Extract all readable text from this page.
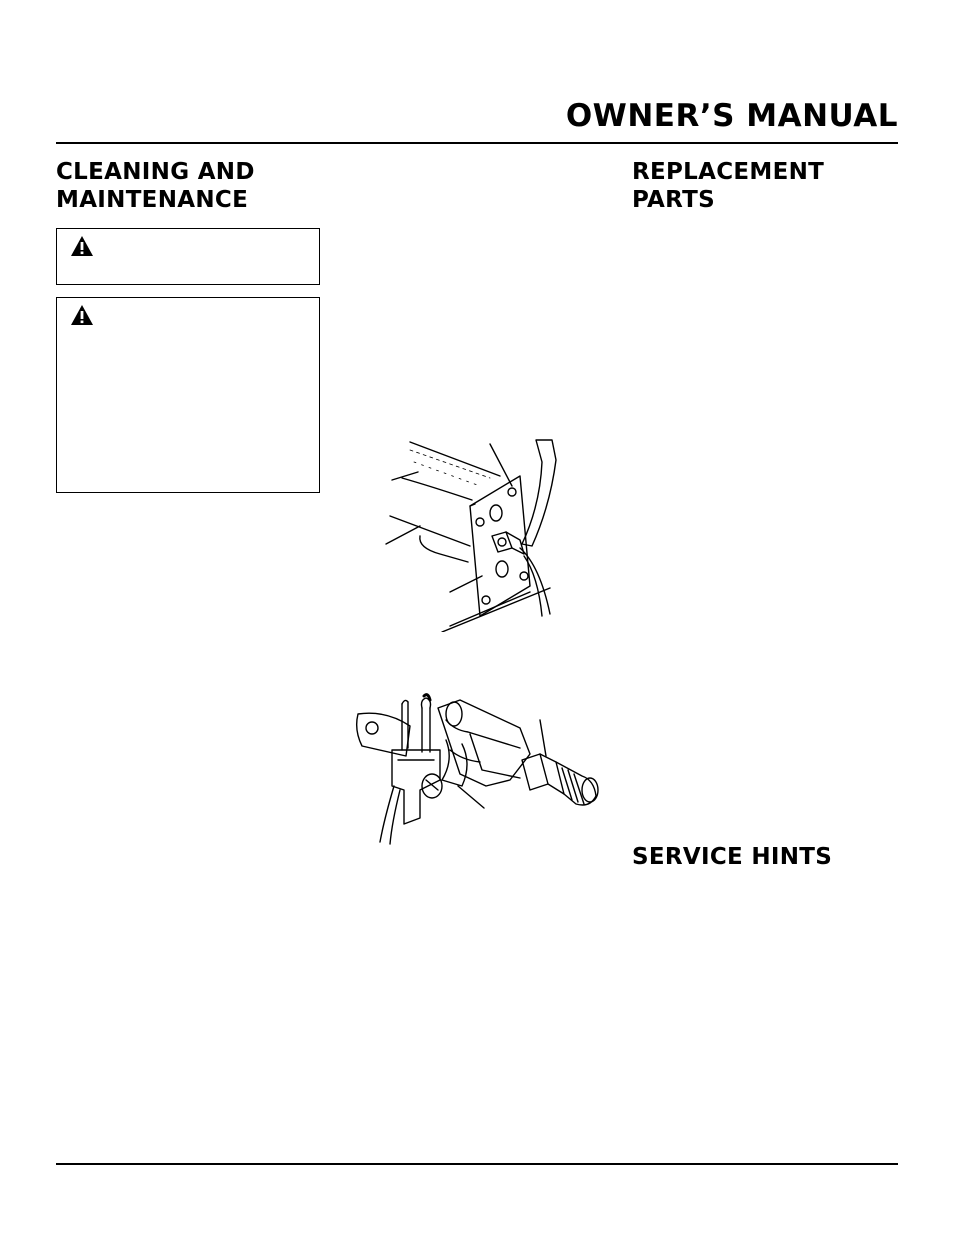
OWNER’S MANUAL
CLEANING AND MAINTENANCE
REPLACEMENT PARTS
SERVICE HINTS
